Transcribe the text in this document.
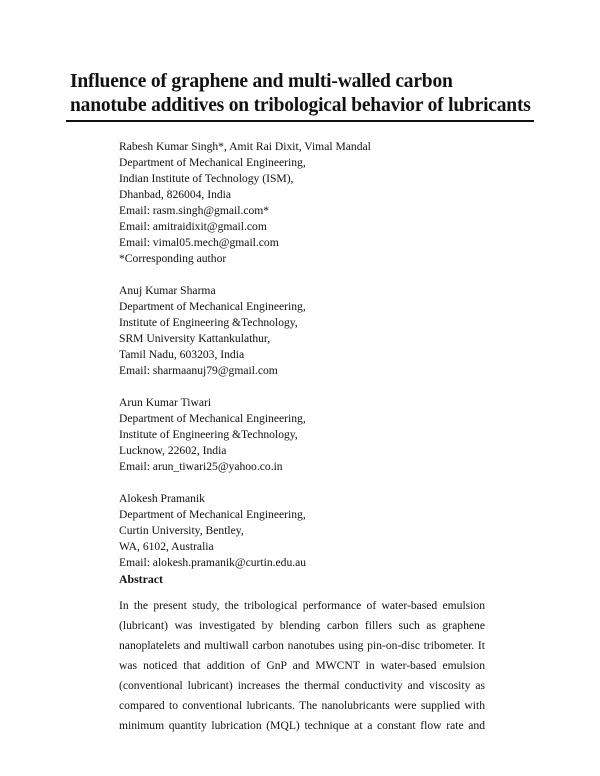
Influence of graphene and multi-walled carbon
nanotube additives on tribological behavior of lubricants
Rabesh Kumar Singh*, Amit Rai Dixit, Vimal Mandal
Department of Mechanical Engineering,
Indian Institute of Technology (ISM),
Dhanbad, 826004, India
Email: rasm.singh@gmail.com*
Email: amitraidixit@gmail.com
Email: vimal05.mech@gmail.com
*Corresponding author
Anuj Kumar Sharma
Department of Mechanical Engineering,
Institute of Engineering &Technology,
SRM University Kattankulathur,
Tamil Nadu, 603203, India
Email: sharmaanuj79@gmail.com
Arun Kumar Tiwari
Department of Mechanical Engineering,
Institute of Engineering &Technology,
Lucknow, 22602, India
Email: arun_tiwari25@yahoo.co.in
Alokesh Pramanik
Department of Mechanical Engineering,
Curtin University, Bentley,
WA, 6102, Australia
Email: alokesh.pramanik@curtin.edu.au
Abstract
In the present study, the tribological performance of water-based emulsion
(lubricant) was investigated by blending carbon fillers such as graphene
nanoplatelets and multiwall carbon nanotubes using pin-on-disc tribometer. It
was noticed that addition of GnP and MWCNT in water-based emulsion
(conventional lubricant) increases the thermal conductivity and viscosity as
compared to conventional lubricants. The nanolubricants were supplied with
minimum quantity lubrication (MQL) technique at a constant flow rate and
